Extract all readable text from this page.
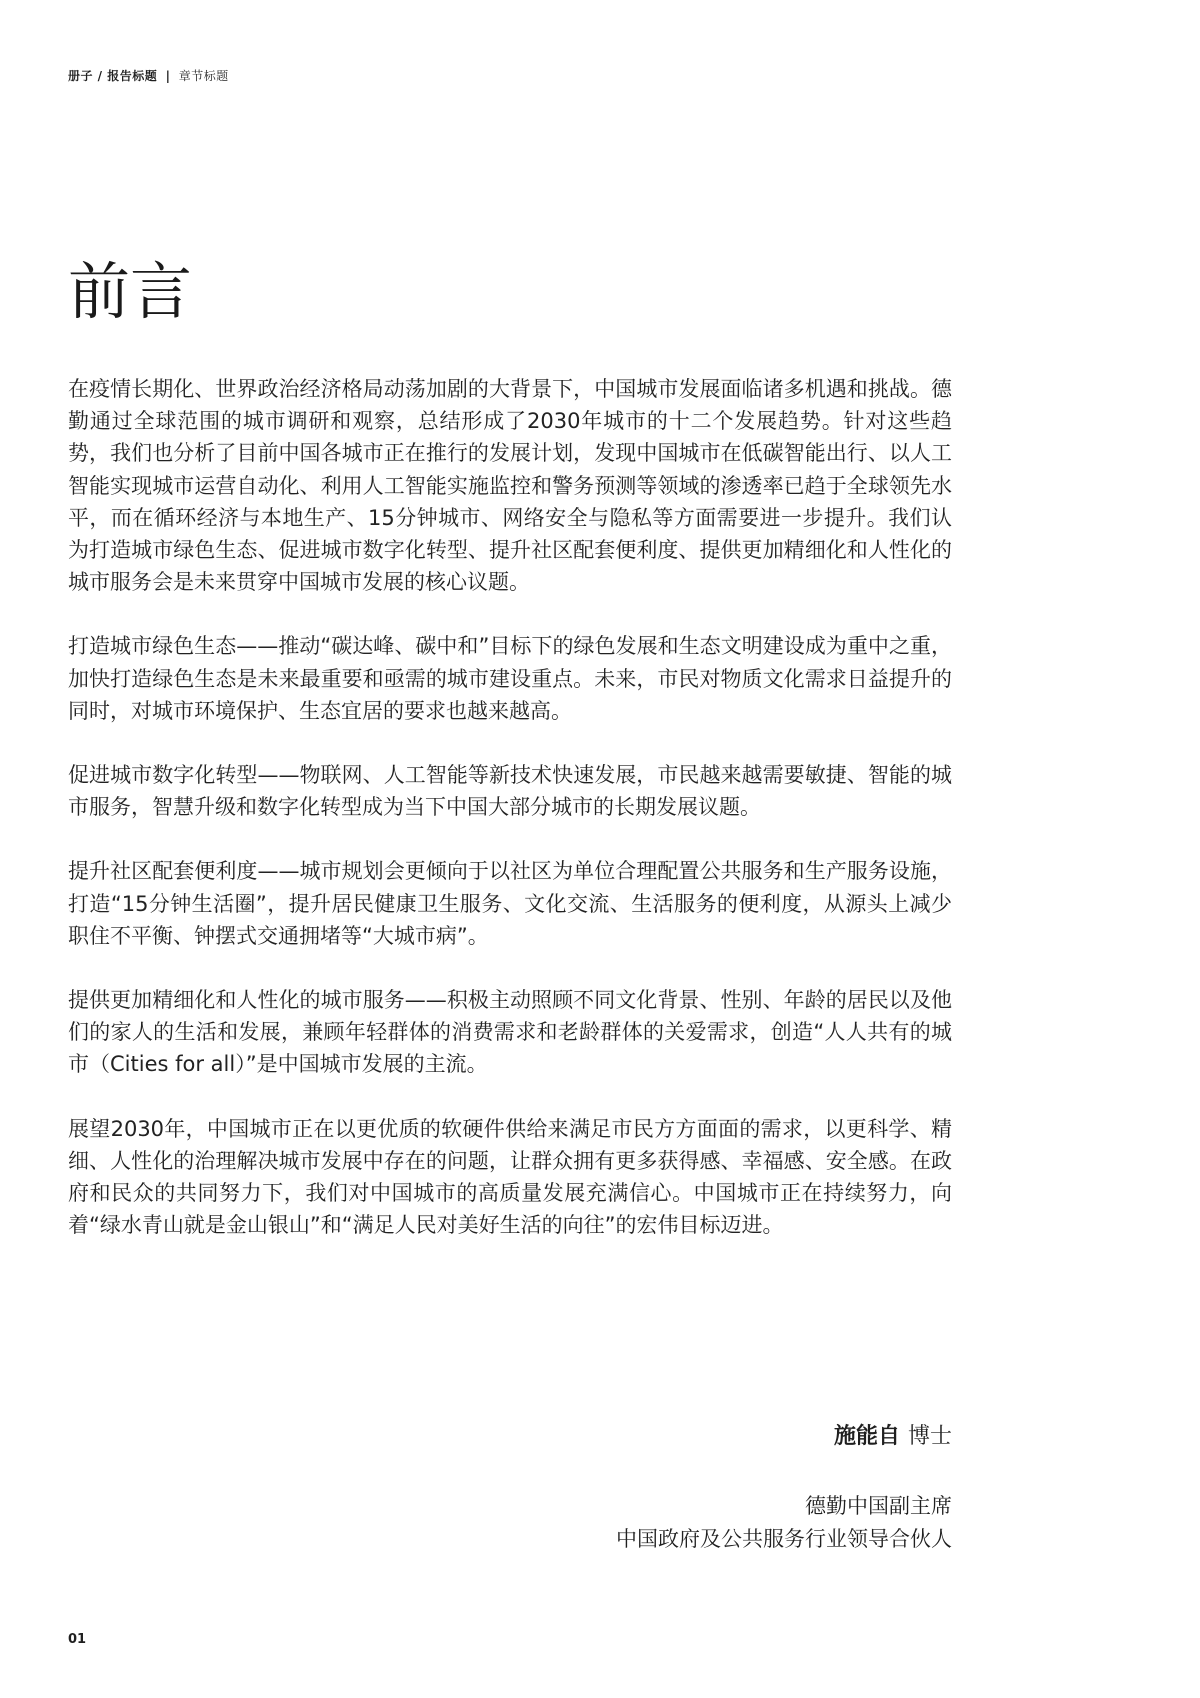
册子 / 报告标题 | 章节标题
前言

在疫情长期化、世界政治经济格局动荡加剧的大背景下，中国城市发展面临诸多机遇和挑战。德勤通过全球范围的城市调研和观察，总结形成了2030年城市的十二个发展趋势。针对这些趋势，我们也分析了目前中国各城市正在推行的发展计划，发现中国城市在低碳智能出行、以人工智能实现城市运营自动化、利用人工智能实施监控和警务预测等领域的渗透率已趋于全球领先水平，而在循环经济与本地生产、15分钟城市、网络安全与隐私等方面需要进一步提升。我们认为打造城市绿色生态、促进城市数字化转型、提升社区配套便利度、提供更加精细化和人性化的城市服务会是未来贯穿中国城市发展的核心议题。

打造城市绿色生态——推动“碳达峰、碳中和”目标下的绿色发展和生态文明建设成为重中之重，加快打造绿色生态是未来最重要和亟需的城市建设重点。未来，市民对物质文化需求日益提升的同时，对城市环境保护、生态宜居的要求也越来越高。

促进城市数字化转型——物联网、人工智能等新技术快速发展，市民越来越需要敏捷、智能的城市服务，智慧升级和数字化转型成为当下中国大部分城市的长期发展议题。

提升社区配套便利度——城市规划会更倾向于以社区为单位合理配置公共服务和生产服务设施，打造“15分钟生活圈”，提升居民健康卫生服务、文化交流、生活服务的便利度，从源头上减少职住不平衡、钟摆式交通拥堵等“大城市病”。

提供更加精细化和人性化的城市服务——积极主动照顾不同文化背景、性别、年龄的居民以及他们的家人的生活和发展，兼顾年轻群体的消费需求和老龄群体的关爱需求，创造“人人共有的城市（Cities for all）”是中国城市发展的主流。

展望2030年，中国城市正在以更优质的软硬件供给来满足市民方方面面的需求，以更科学、精细、人性化的治理解决城市发展中存在的问题，让群众拥有更多获得感、幸福感、安全感。在政府和民众的共同努力下，我们对中国城市的高质量发展充满信心。中国城市正在持续努力，向着“绿水青山就是金山银山”和“满足人民对美好生活的向往”的宏伟目标迈进。

施能自 博士
德勤中国副主席
中国政府及公共服务行业领导合伙人
01
